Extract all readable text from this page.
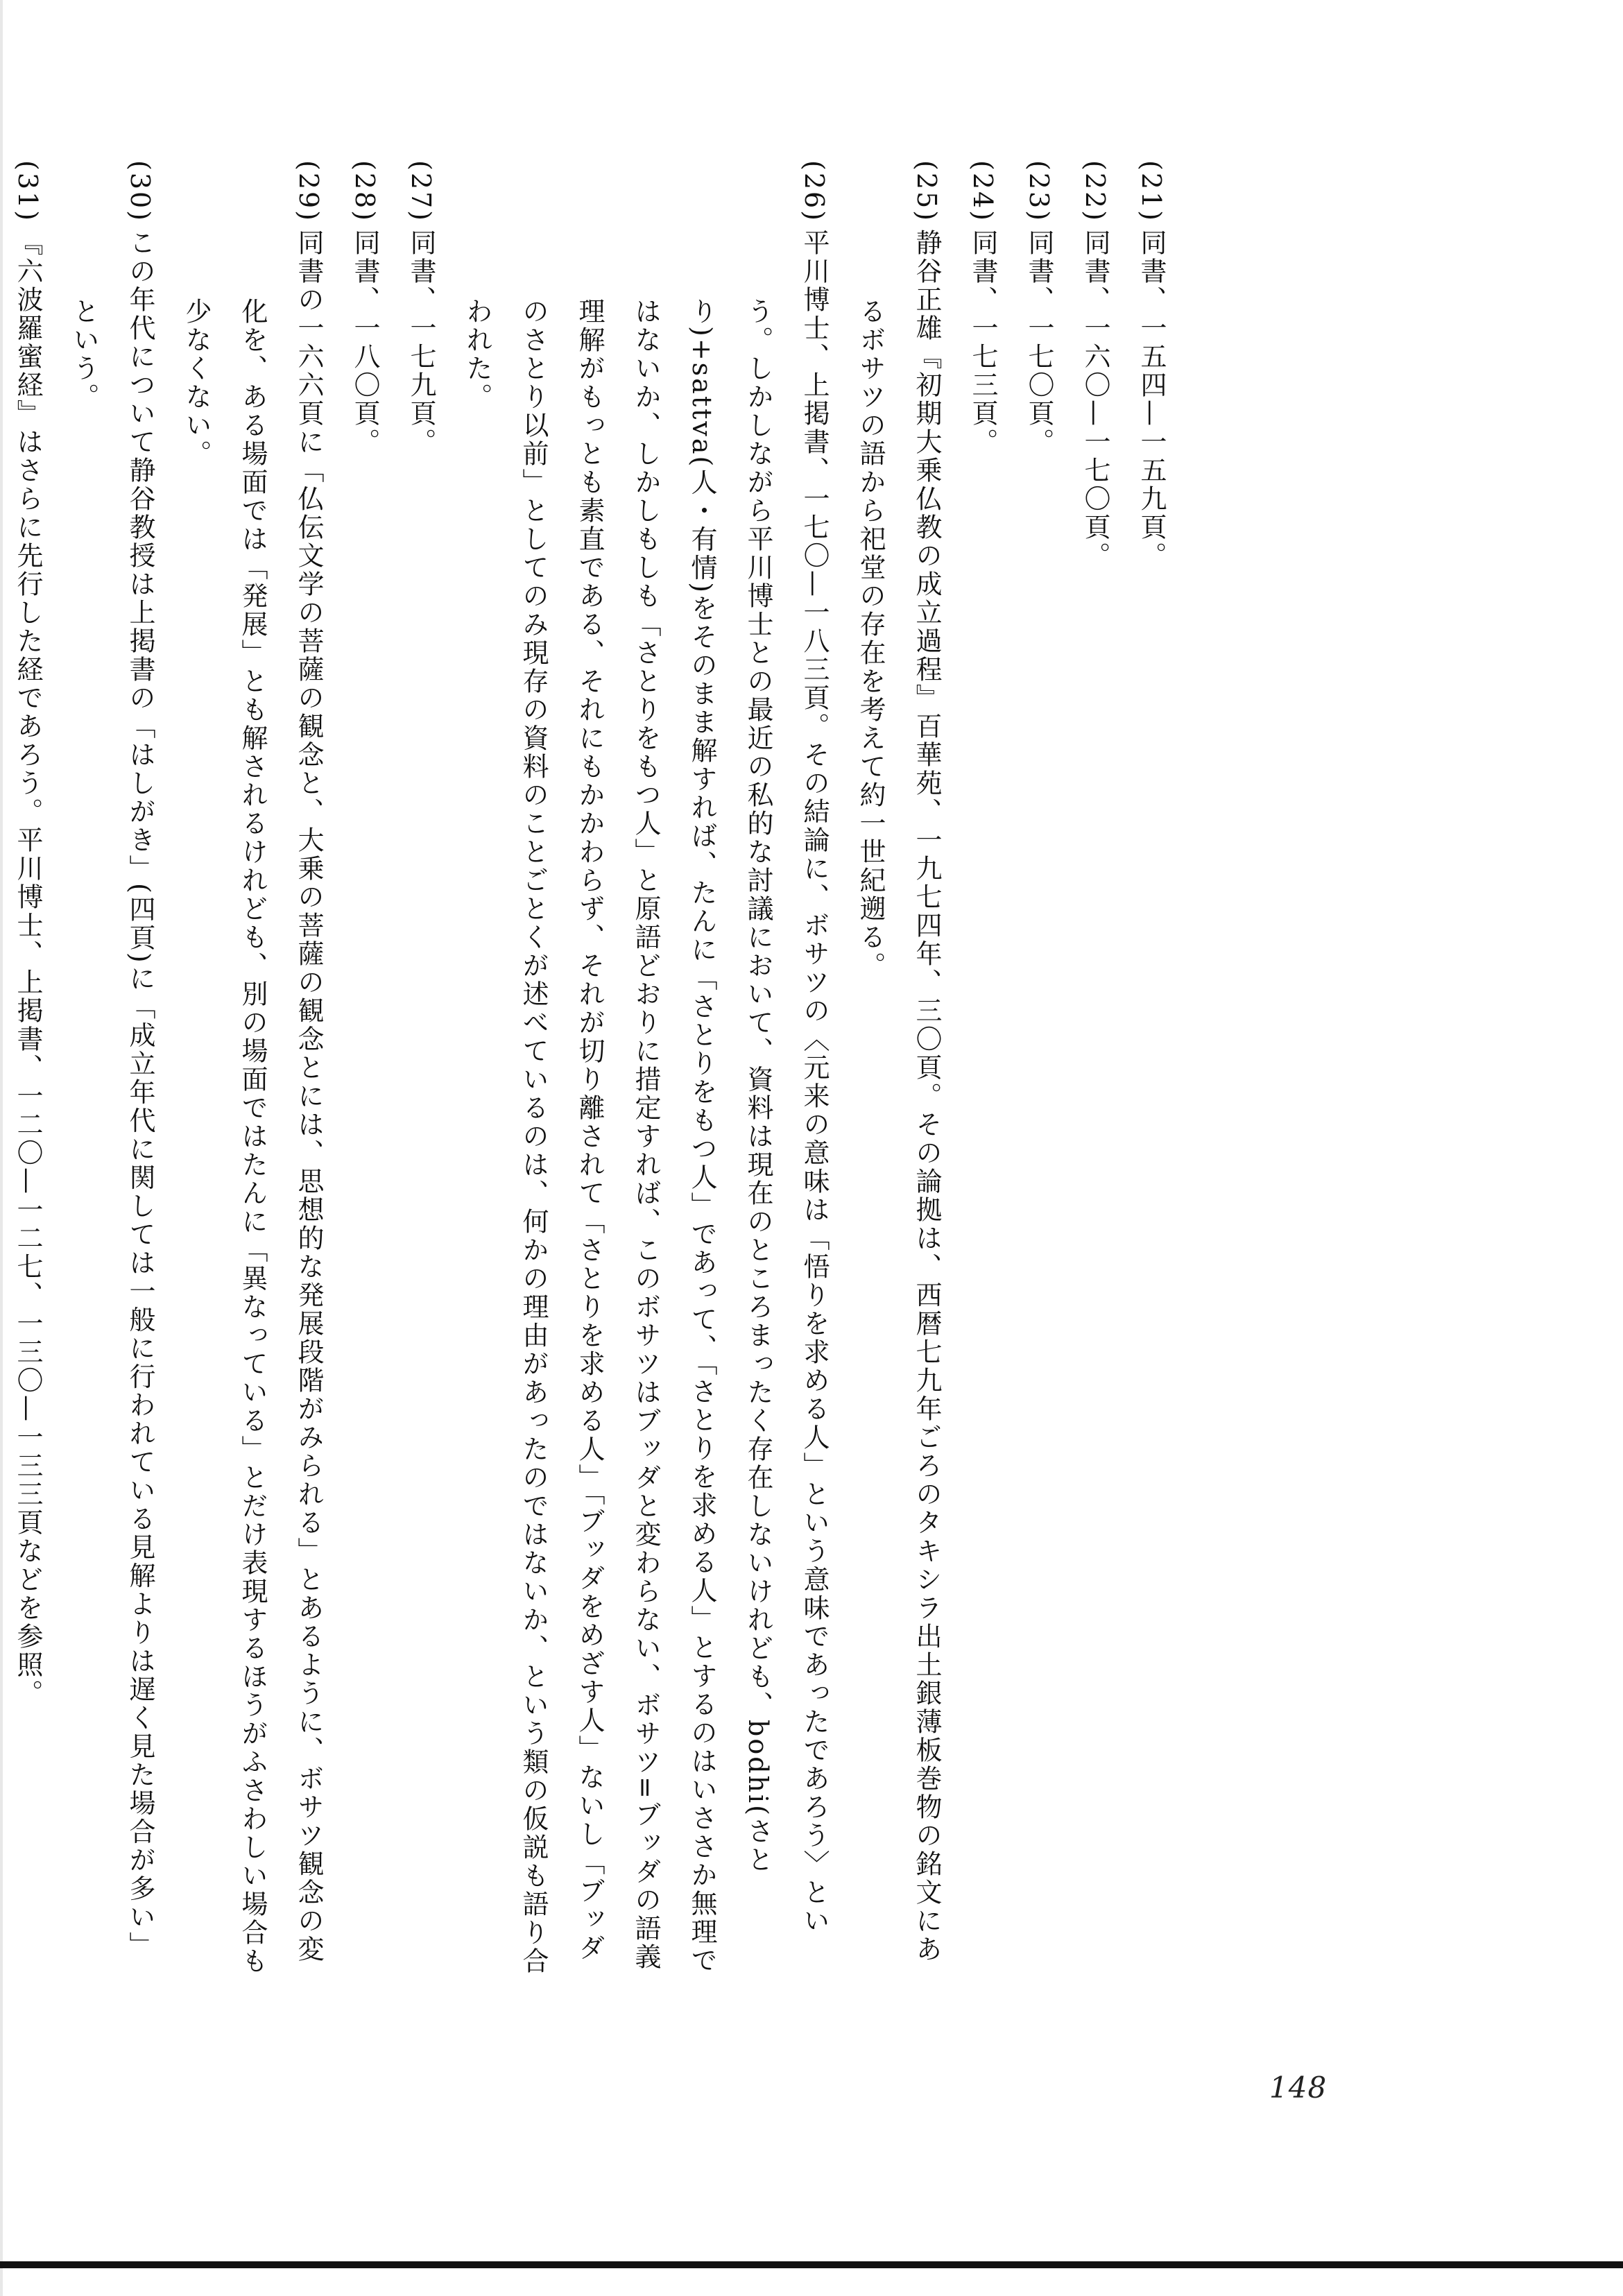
(21)同書、一五四—一五九頁。

(22)同書、一六〇—一七〇頁。

(23)同書、一七〇頁。

(24)同書、一七三頁。

(25)静谷正雄『初期大乗仏教の成立過程』百華苑、一九七四年、三〇頁。その論拠は、西暦七九年ごろのタキシラ出土銀薄板巻物の銘文にあるボサツの語から祀堂の存在を考えて約一世紀遡る。

(26)平川博士、上掲書、一七〇—一八三頁。その結論に、ボサツの〈元来の意味は「悟りを求める人」という意味であったであろう〉という。しかしながら平川博士との最近の私的な討議において、資料は現在のところまったく存在しないけれども、bodhi(さとり)+sattva(人・有情)をそのまま解すれば、たんに「さとりをもつ人」であって、「さとりを求める人」とするのはいささか無理ではないか、しかしもしも「さとりをもつ人」と原語どおりに措定すれば、このボサツはブッダと変わらない、ボサツ=ブッダの語義理解がもっとも素直である、それにもかかわらず、それが切り離されて「さとりを求める人」「ブッダをめざす人」ないし「ブッダのさとり以前」としてのみ現存の資料のことごとくが述べているのは、何かの理由があったのではないか、という類の仮説も語り合われた。

(27)同書、一七九頁。

(28)同書、一八〇頁。

(29)同書の一六六頁に「仏伝文学の菩薩の観念と、大乗の菩薩の観念とには、思想的な発展段階がみられる」とあるように、ボサツ観念の変化を、ある場面では「発展」とも解されるけれども、別の場面ではたんに「異なっている」とだけ表現するほうがふさわしい場合も少なくない。

(30)この年代について静谷教授は上掲書の「はしがき」(四頁)に「成立年代に関しては一般に行われている見解よりは遅く見た場合が多い」という。

(31)『六波羅蜜経』はさらに先行した経であろう。平川博士、上掲書、一二〇—一二七、一三〇—一三三頁などを参照。

148
